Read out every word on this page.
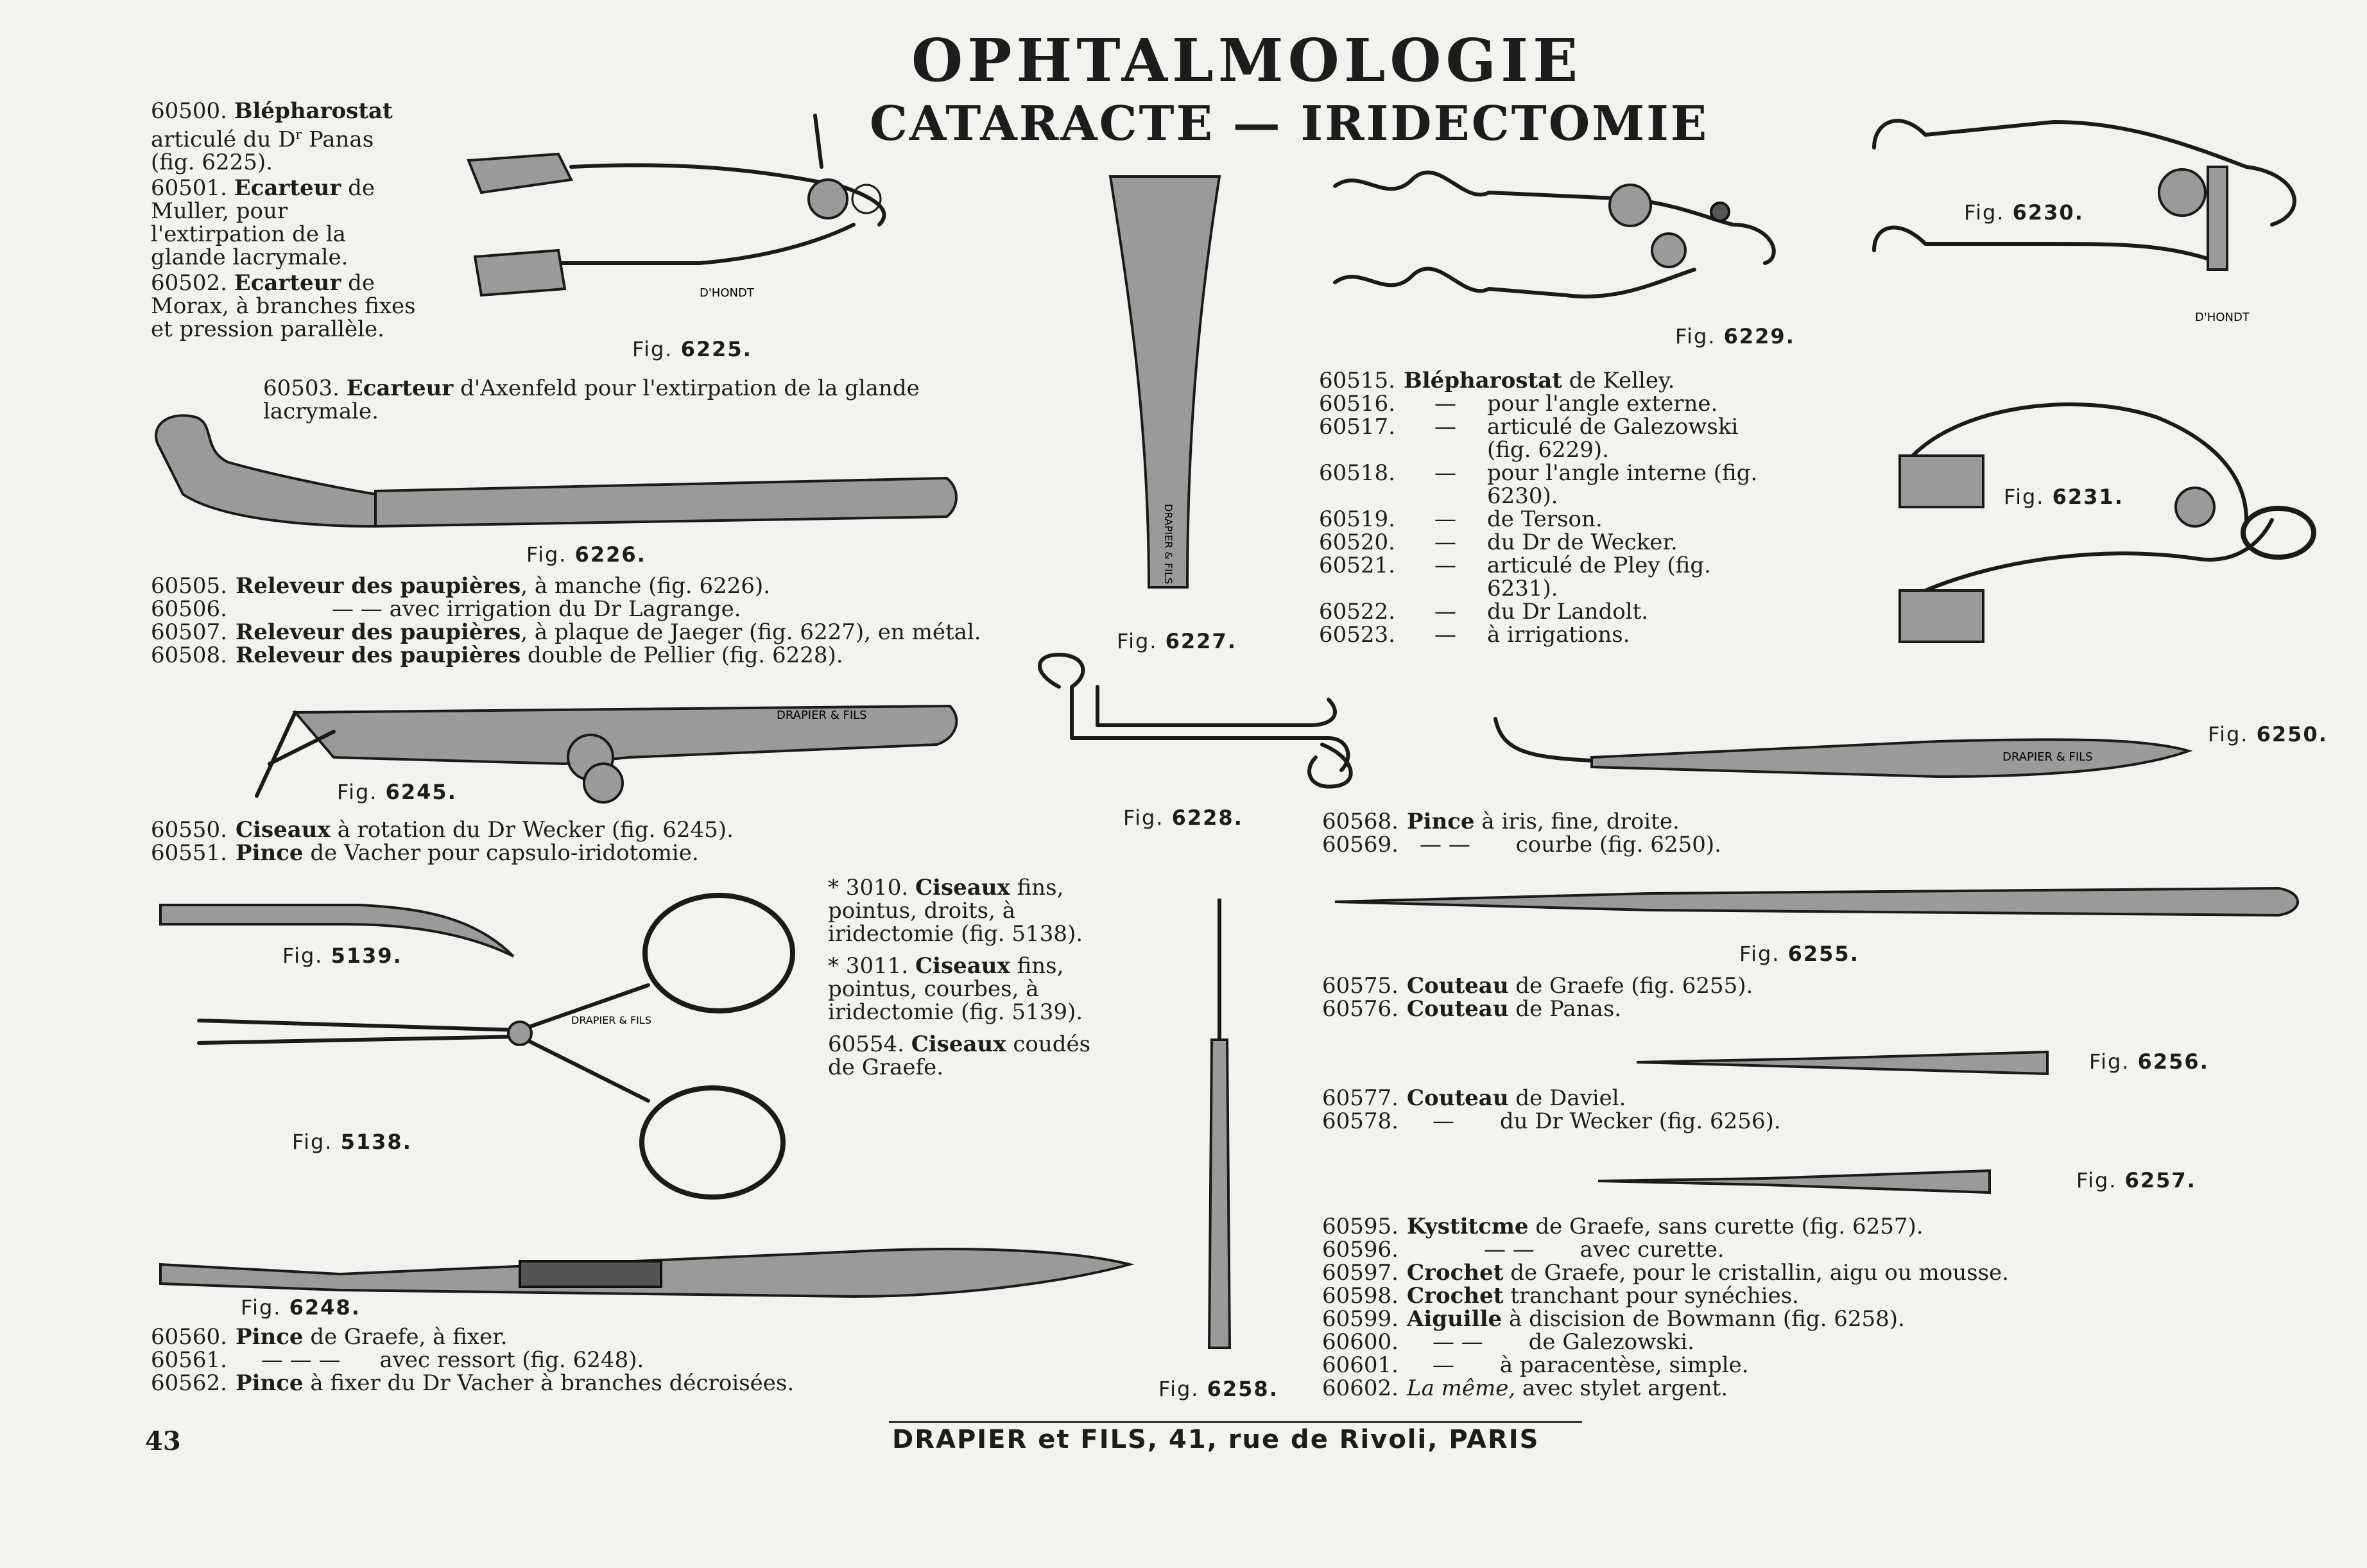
OPHTALMOLOGIE
CATARACTE — IRIDECTOMIE
60500. Blépharostat articulé du $D^r$ Panas (fig. 6225).
60501. Ecarteur de Muller, pour l'extirpation de la glande lacrymale.
60502. Ecarteur de Morax, à branches fixes et pression parallèle.
D'HONDT
Fig. 6225.
60503. Ecarteur d'Axenfeld pour l'extirpation de la glande lacrymale.
Fig. 6226.
60505. Releveur des paupières, à manche (fig. 6226).
60506.	— — avec irrigation du Dr Lagrange.
60507. Releveur des paupières, à plaque de Jaeger (fig. 6227), en métal.
60508. Releveur des paupières double de Pellier (fig. 6228).
DRAPIER & FILS
Fig. 6227.
Fig. 6228.
DRAPIER & FILS
Fig. 6245.
60550. Ciseaux à rotation du Dr Wecker (fig. 6245).
60551. Pince de Vacher pour capsulo-iridotomie.
Fig. 5139.
DRAPIER & FILS
Fig. 5138.
* 3010. Ciseaux fins, pointus, droits, à iridectomie (fig. 5138).
* 3011. Ciseaux fins, pointus, courbes, à iridectomie (fig. 5139).
60554. Ciseaux coudés de Graefe.
Fig. 6248.
60560. Pince de Graefe, à fixer.
60561. — — — avec ressort (fig. 6248).
60562. Pince à fixer du Dr Vacher à branches décroisées.	Fig. 6258.
Fig. 6229.
D'HONDT
Fig. 6230.
60515. Blépharostat de Kelley.
60516. — pour l'angle externe.
60517. — articulé de Galezowski (fig. 6229).
60518. — pour l'angle interne (fig. 6230).
60519. — de Terson.
60520. — du Dr de Wecker.
60521. — articulé de Pley (fig. 6231).
60522. — du Dr Landolt.
60523. — à irrigations.
Fig. 6231.
DRAPIER & FILS
Fig. 6250.
60568. Pince à iris, fine, droite.
60569. — — courbe (fig. 6250).
Fig. 6255.
60575. Couteau de Graefe (fig. 6255).
60576. Couteau de Panas.
Fig. 6256.
60577. Couteau de Daviel.
60578. — du Dr Wecker (fig. 6256).
Fig. 6257.
60595. Kystitcme de Graefe, sans curette (fig. 6257).
60596.	— — avec curette.
60597. Crochet de Graefe, pour le cristallin, aigu ou mousse.
60598. Crochet tranchant pour synéchies.
60599. Aiguille à discision de Bowmann (fig. 6258).
60600. — — de Galezowski.
60601. — à paracentèse, simple.
60602. La même, avec stylet argent.
43	DRAPIER et FILS, 41, rue de Rivoli, PARIS
